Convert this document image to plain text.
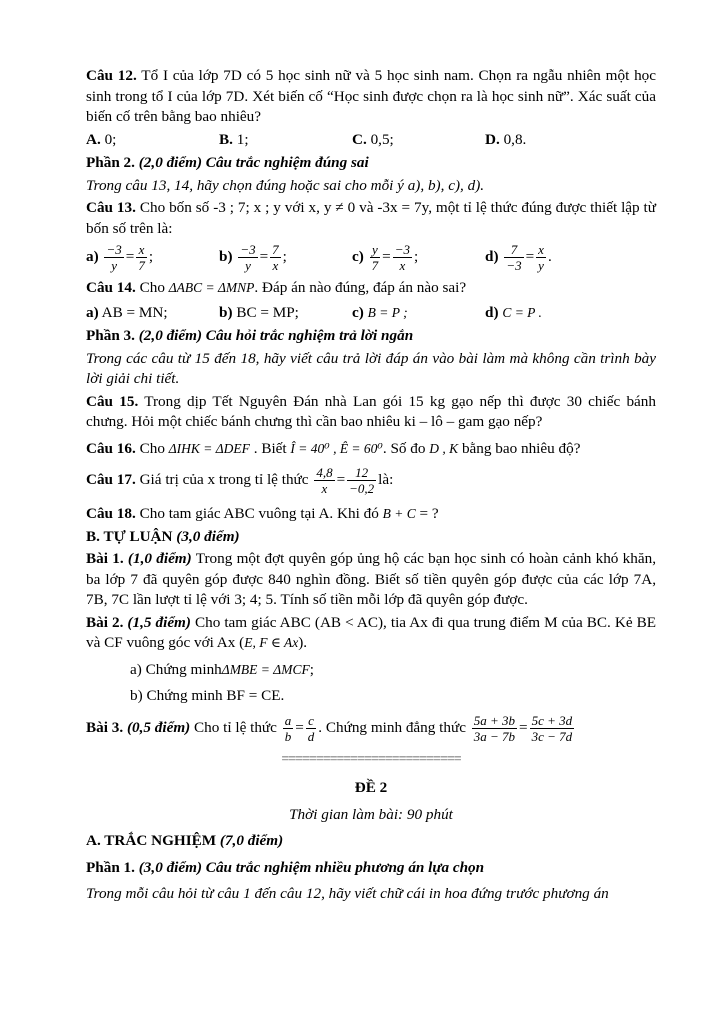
Câu 12. Tổ I của lớp 7D có 5 học sinh nữ và 5 học sinh nam. Chọn ra ngẫu nhiên một học sinh trong tổ I của lớp 7D. Xét biến cố “Học sinh được chọn ra là học sinh nữ”. Xác suất của biến cố trên bằng bao nhiêu?

A. 0;	B. 1;	C. 0,5;	D. 0,8.

Phần 2. (2,0 điểm) Câu trắc nghiệm đúng sai

Trong câu 13, 14, hãy chọn đúng hoặc sai cho mỗi ý a), b), c), d).

Câu 13. Cho bốn số -3 ; 7; x ; y với x, y ≠ 0 và -3x = 7y, một tỉ lệ thức đúng được thiết lập từ bốn số trên là:

$a) \frac{-3}{y} = \frac{x}{7}$ ;	$b) \frac{-3}{y} = \frac{7}{x}$ ;	$c) \frac{y}{7} = \frac{-3}{x}$ ;	$d) \frac{7}{-3} = \frac{x}{y}$ .

Câu 14. Cho ΔABC = ΔMNP. Đáp án nào đúng, đáp án nào sai?

a) AB = MN;	b) BC = MP;	c) B = P ;	d) C = P .

Phần 3. (2,0 điểm) Câu hỏi trắc nghiệm trả lời ngắn

Trong các câu từ 15 đến 18, hãy viết câu trả lời đáp án vào bài làm mà không cần trình bày lời giải chi tiết.

Câu 15. Trong dịp Tết Nguyên Đán nhà Lan gói 15 kg gạo nếp thì được 30 chiếc bánh chưng. Hỏi một chiếc bánh chưng thì cần bao nhiêu ki – lô – gam gạo nếp?

Câu 16. Cho ΔIHK = ΔDEF . Biết Î = 40⁰ , Ê = 60⁰. Số đo D , K bằng bao nhiêu độ?

Câu 17.
Giá trị của x trong tỉ lệ thức
$\frac{4,8}{x} = \frac{12}{-0,2}$ là:

Câu 18. Cho tam giác ABC vuông tại A. Khi đó B + C = ?

B. TỰ LUẬN (3,0 điểm)

Bài 1. (1,0 điểm) Trong một đợt quyên góp ủng hộ các bạn học sinh có hoàn cảnh khó khăn, ba lớp 7 đã quyên góp được 840 nghìn đồng. Biết số tiền quyên góp được của các lớp 7A, 7B, 7C lần lượt tỉ lệ với 3; 4; 5. Tính số tiền mỗi lớp đã quyên góp được.

Bài 2. (1,5 điểm) Cho tam giác ABC (AB < AC), tia Ax đi qua trung điểm M của BC. Kẻ BE và CF vuông góc với Ax (E, F ∈ Ax).

a) Chứng minhΔMBE = ΔMCF;

b) Chứng minh BF = CE.

Bài 3.
(0,5 điểm)
Cho tỉ lệ thức
$\frac{a}{b} = \frac{c}{d}$ . Chứng minh đẳng thức
$\frac{5a + 3b}{3a - 7b} = \frac{5c + 3d}{3c - 7d}$

==========================

ĐỀ 2

Thời gian làm bài: 90 phút

A. TRẮC NGHIỆM (7,0 điểm)

Phần 1. (3,0 điểm) Câu trắc nghiệm nhiều phương án lựa chọn

Trong mỗi câu hỏi từ câu 1 đến câu 12, hãy viết chữ cái in hoa đứng trước phương án
